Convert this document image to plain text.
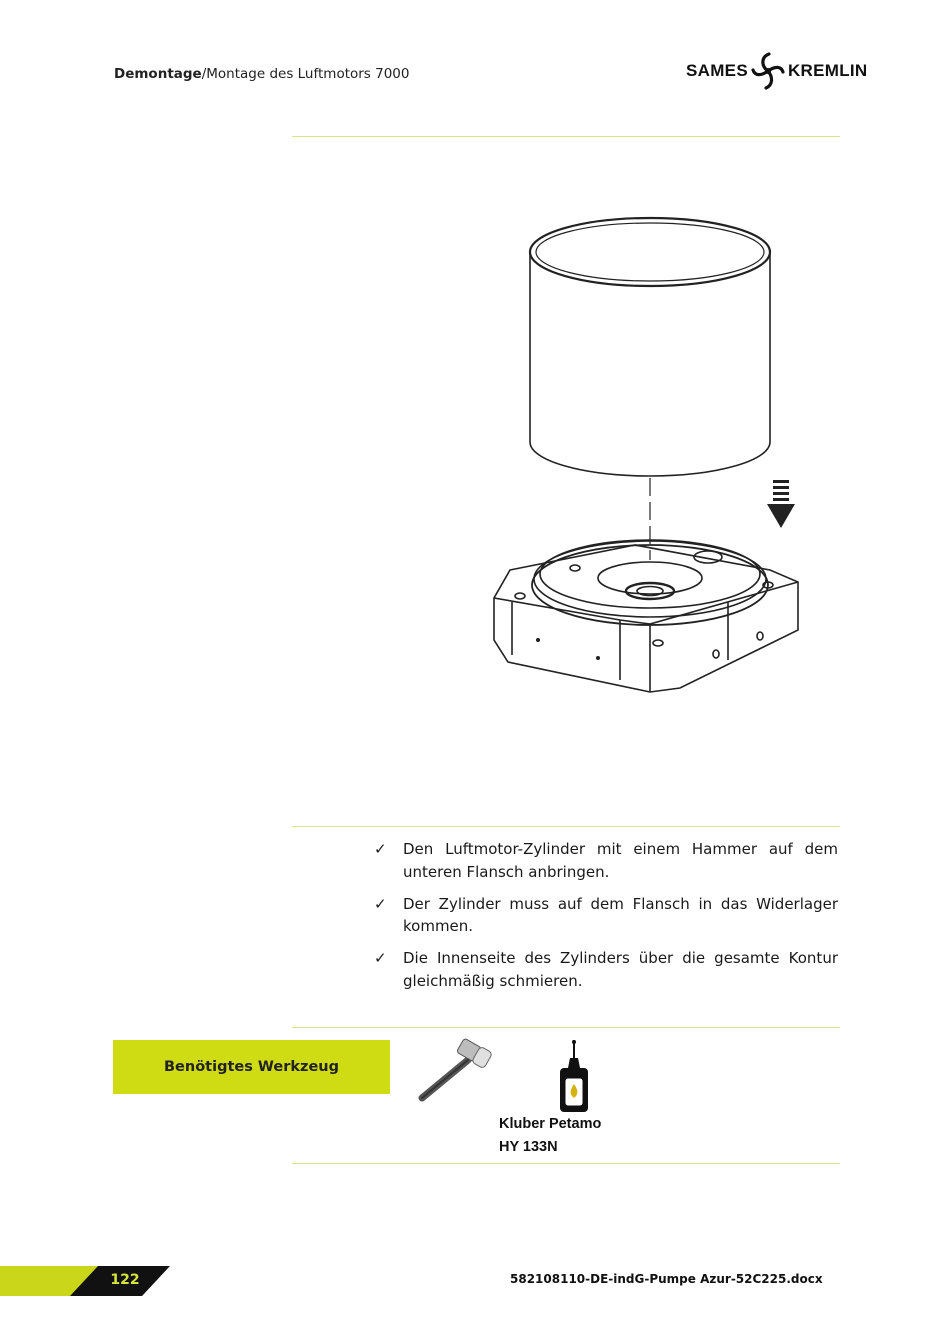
Demontage/Montage des Luftmotors 7000	SAMES KREMLIN
✓ Den Luftmotor-Zylinder mit einem Hammer auf dem unteren Flansch anbringen.
✓ Der Zylinder muss auf dem Flansch in das Widerlager kommen.
✓ Die Innenseite des Zylinders über die gesamte Kontur gleichmäßig schmieren.
Benötigtes Werkzeug
Kluber Petamo
HY 133N
122	582108110-DE-indG-Pumpe Azur-52C225.docx
